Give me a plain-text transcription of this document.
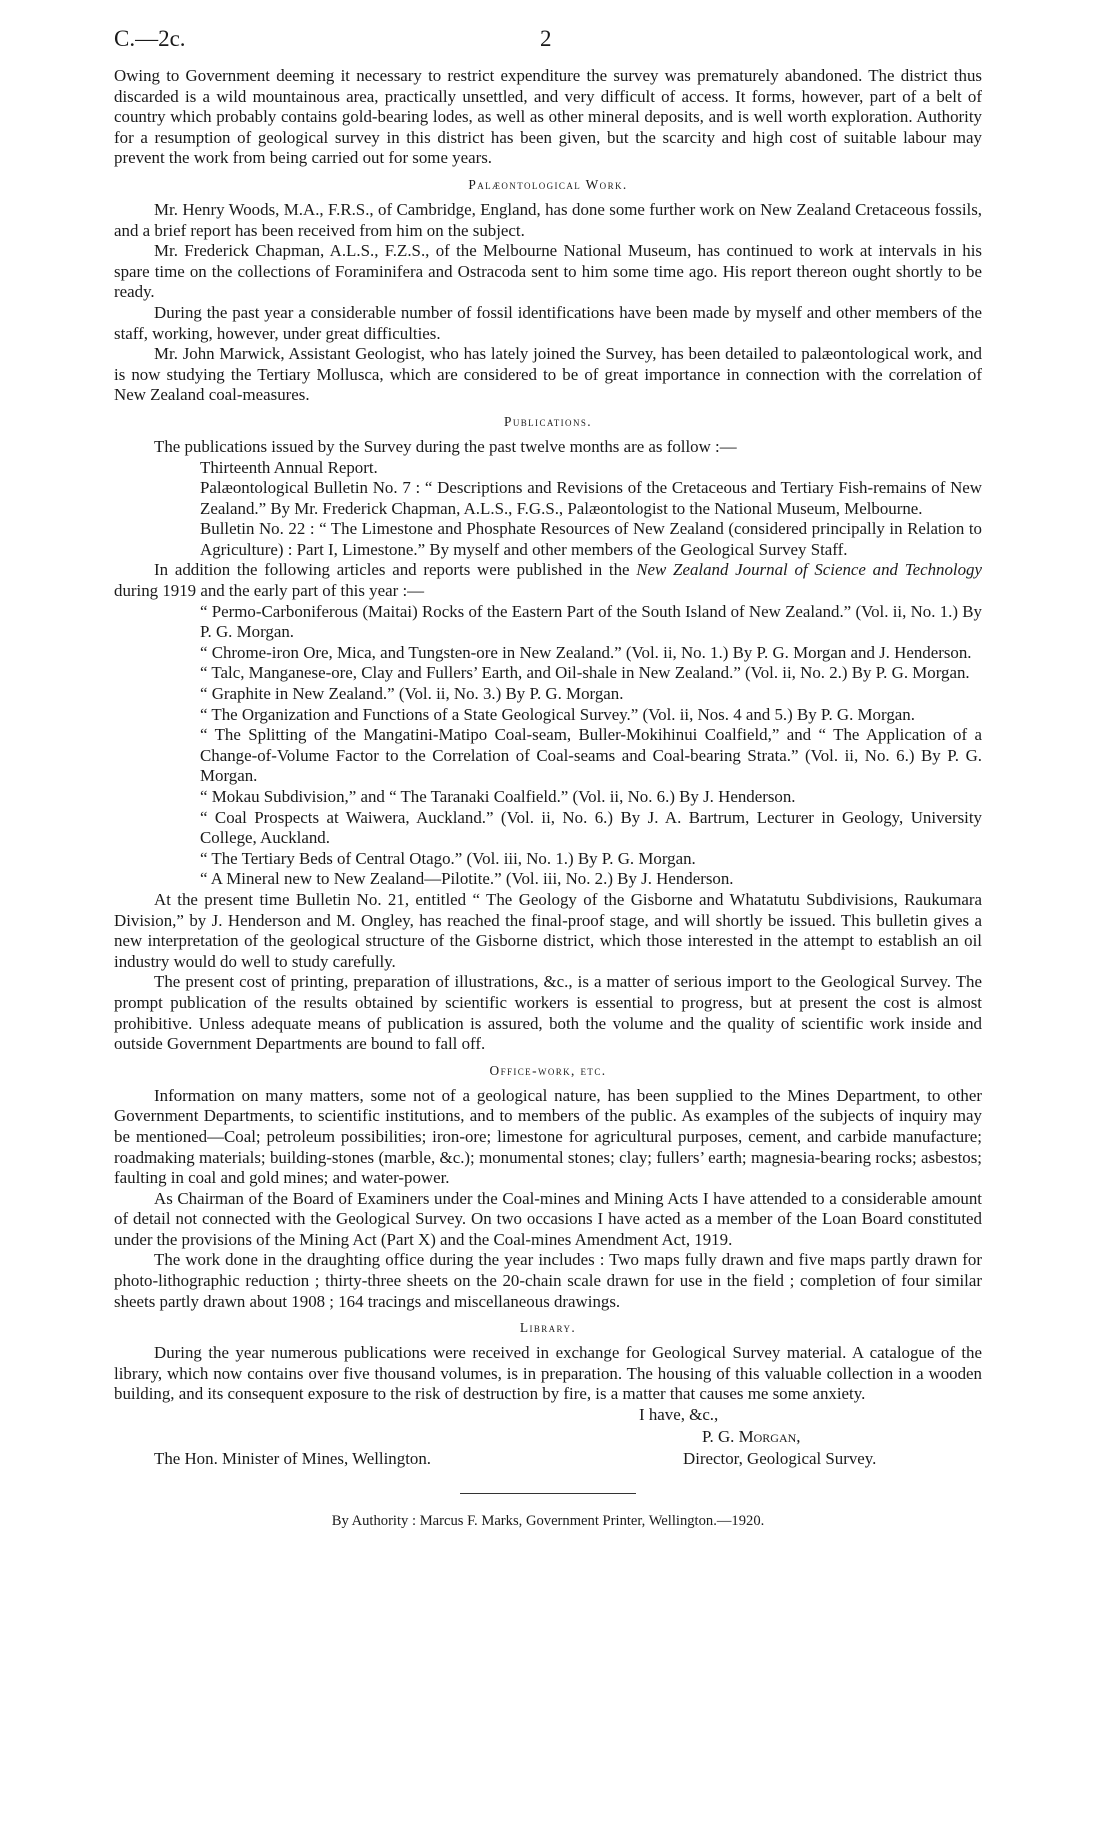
C.—2c.	2

Owing to Government deeming it necessary to restrict expenditure the survey was prematurely abandoned. The district thus discarded is a wild mountainous area, practically unsettled, and very difficult of access. It forms, however, part of a belt of country which probably contains gold-bearing lodes, as well as other mineral deposits, and is well worth exploration. Authority for a resumption of geological survey in this district has been given, but the scarcity and high cost of suitable labour may prevent the work from being carried out for some years.

Palæontological Work.

Mr. Henry Woods, M.A., F.R.S., of Cambridge, England, has done some further work on New Zealand Cretaceous fossils, and a brief report has been received from him on the subject.

Mr. Frederick Chapman, A.L.S., F.Z.S., of the Melbourne National Museum, has continued to work at intervals in his spare time on the collections of Foraminifera and Ostracoda sent to him some time ago. His report thereon ought shortly to be ready.

During the past year a considerable number of fossil identifications have been made by myself and other members of the staff, working, however, under great difficulties.

Mr. John Marwick, Assistant Geologist, who has lately joined the Survey, has been detailed to palæontological work, and is now studying the Tertiary Mollusca, which are considered to be of great importance in connection with the correlation of New Zealand coal-measures.

Publications.

The publications issued by the Survey during the past twelve months are as follow :—

Thirteenth Annual Report.

Palæontological Bulletin No. 7 : “ Descriptions and Revisions of the Cretaceous and Tertiary Fish-remains of New Zealand.” By Mr. Frederick Chapman, A.L.S., F.G.S., Palæontologist to the National Museum, Melbourne.

Bulletin No. 22 : “ The Limestone and Phosphate Resources of New Zealand (considered principally in Relation to Agriculture) : Part I, Limestone.” By myself and other members of the Geological Survey Staff.

In addition the following articles and reports were published in the New Zealand Journal of Science and Technology during 1919 and the early part of this year :—

“ Permo-Carboniferous (Maitai) Rocks of the Eastern Part of the South Island of New Zealand.” (Vol. ii, No. 1.) By P. G. Morgan.

“ Chrome-iron Ore, Mica, and Tungsten-ore in New Zealand.” (Vol. ii, No. 1.) By P. G. Morgan and J. Henderson.

“ Talc, Manganese-ore, Clay and Fullers’ Earth, and Oil-shale in New Zealand.” (Vol. ii, No. 2.) By P. G. Morgan.

“ Graphite in New Zealand.” (Vol. ii, No. 3.) By P. G. Morgan.

“ The Organization and Functions of a State Geological Survey.” (Vol. ii, Nos. 4 and 5.) By P. G. Morgan.

“ The Splitting of the Mangatini-Matipo Coal-seam, Buller-Mokihinui Coalfield,” and “ The Application of a Change-of-Volume Factor to the Correlation of Coal-seams and Coal-bearing Strata.” (Vol. ii, No. 6.) By P. G. Morgan.

“ Mokau Subdivision,” and “ The Taranaki Coalfield.” (Vol. ii, No. 6.) By J. Henderson.

“ Coal Prospects at Waiwera, Auckland.” (Vol. ii, No. 6.) By J. A. Bartrum, Lecturer in Geology, University College, Auckland.

“ The Tertiary Beds of Central Otago.” (Vol. iii, No. 1.) By P. G. Morgan.

“ A Mineral new to New Zealand—Pilotite.” (Vol. iii, No. 2.) By J. Henderson.

At the present time Bulletin No. 21, entitled “ The Geology of the Gisborne and Whatatutu Subdivisions, Raukumara Division,” by J. Henderson and M. Ongley, has reached the final-proof stage, and will shortly be issued. This bulletin gives a new interpretation of the geological structure of the Gisborne district, which those interested in the attempt to establish an oil industry would do well to study carefully.

The present cost of printing, preparation of illustrations, &c., is a matter of serious import to the Geological Survey. The prompt publication of the results obtained by scientific workers is essential to progress, but at present the cost is almost prohibitive. Unless adequate means of publication is assured, both the volume and the quality of scientific work inside and outside Government Departments are bound to fall off.

Office-work, etc.

Information on many matters, some not of a geological nature, has been supplied to the Mines Department, to other Government Departments, to scientific institutions, and to members of the public. As examples of the subjects of inquiry may be mentioned—Coal; petroleum possibilities; iron-ore; limestone for agricultural purposes, cement, and carbide manufacture; roadmaking materials; building-stones (marble, &c.); monumental stones; clay; fullers’ earth; magnesia-bearing rocks; asbestos; faulting in coal and gold mines; and water-power.

As Chairman of the Board of Examiners under the Coal-mines and Mining Acts I have attended to a considerable amount of detail not connected with the Geological Survey. On two occasions I have acted as a member of the Loan Board constituted under the provisions of the Mining Act (Part X) and the Coal-mines Amendment Act, 1919.

The work done in the draughting office during the year includes : Two maps fully drawn and five maps partly drawn for photo-lithographic reduction ; thirty-three sheets on the 20-chain scale drawn for use in the field ; completion of four similar sheets partly drawn about 1908 ; 164 tracings and miscellaneous drawings.

Library.

During the year numerous publications were received in exchange for Geological Survey material. A catalogue of the library, which now contains over five thousand volumes, is in preparation. The housing of this valuable collection in a wooden building, and its consequent exposure to the risk of destruction by fire, is a matter that causes me some anxiety.

I have, &c.,
P. G. Morgan,
The Hon. Minister of Mines, Wellington.	Director, Geological Survey.
By Authority : Marcus F. Marks, Government Printer, Wellington.—1920.
